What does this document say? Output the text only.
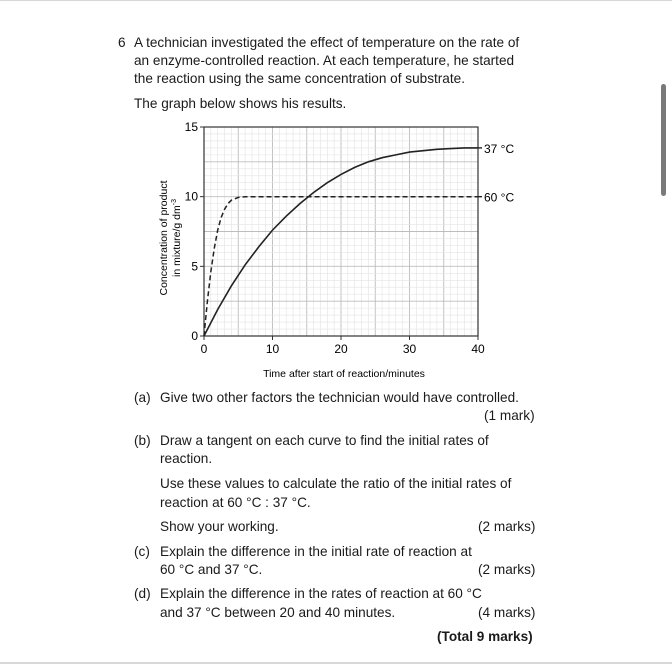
6 A technician investigated the effect of temperature on the rate of
an enzyme-controlled reaction. At each temperature, he started
the reaction using the same concentration of substrate.
The graph below shows his results.
0	10	20	30	40
0
5
10
15
37 °C
60 °C
Time after start of reaction/minutes
Concentration of product in mixture/g $dm^{-3}$
(a) Give two other factors the technician would have controlled.
(1 mark)
(b) Draw a tangent on each curve to find the initial rates of
reaction.
Use these values to calculate the ratio of the initial rates of
reaction at 60 °C : 37 °C.
Show your working.	(2 marks)
(c) Explain the difference in the initial rate of reaction at
60 °C and 37 °C.	(2 marks)
(d) Explain the difference in the rates of reaction at 60 °C
and 37 °C between 20 and 40 minutes.	(4 marks)
(Total 9 marks)
